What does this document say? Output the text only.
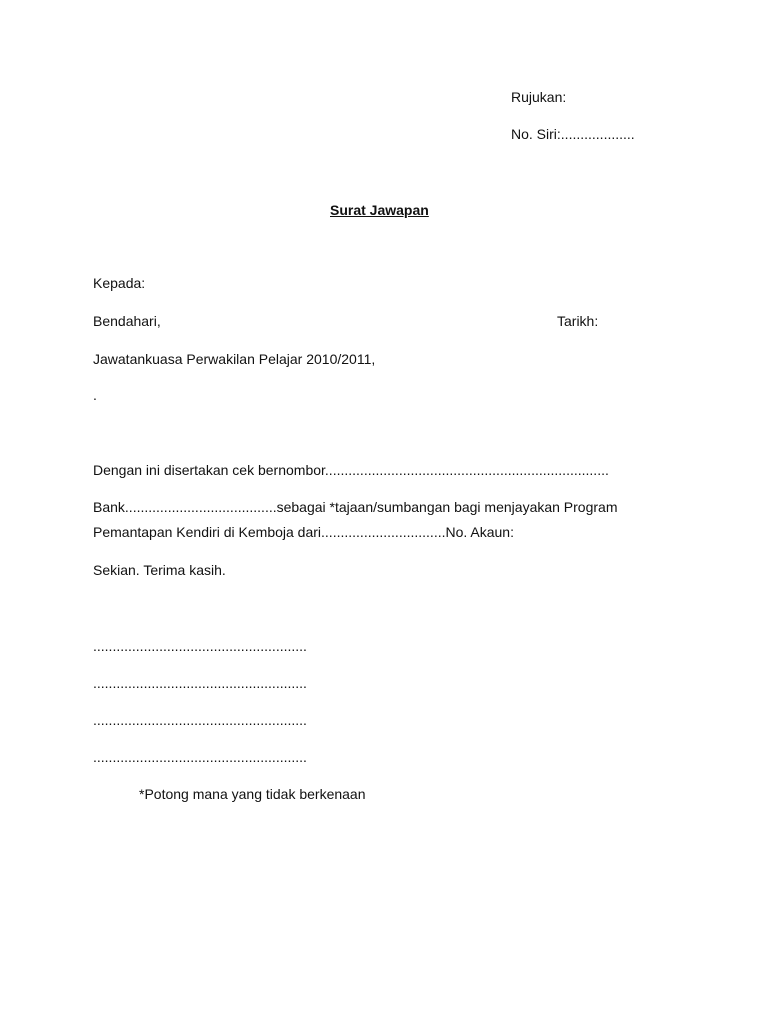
Rujukan:
No. Siri:...................
Surat Jawapan
Kepada:
Bendahari,	Tarikh:
Jawatankuasa Perwakilan Pelajar 2010/2011,
.
Dengan ini disertakan cek bernombor.........................................................................
Bank.......................................sebagai *tajaan/sumbangan bagi menjayakan Program
Pemantapan Kendiri di Kemboja dari................................No. Akaun:
Sekian. Terima kasih.
.......................................................
.......................................................
.......................................................
.......................................................
*Potong mana yang tidak berkenaan
